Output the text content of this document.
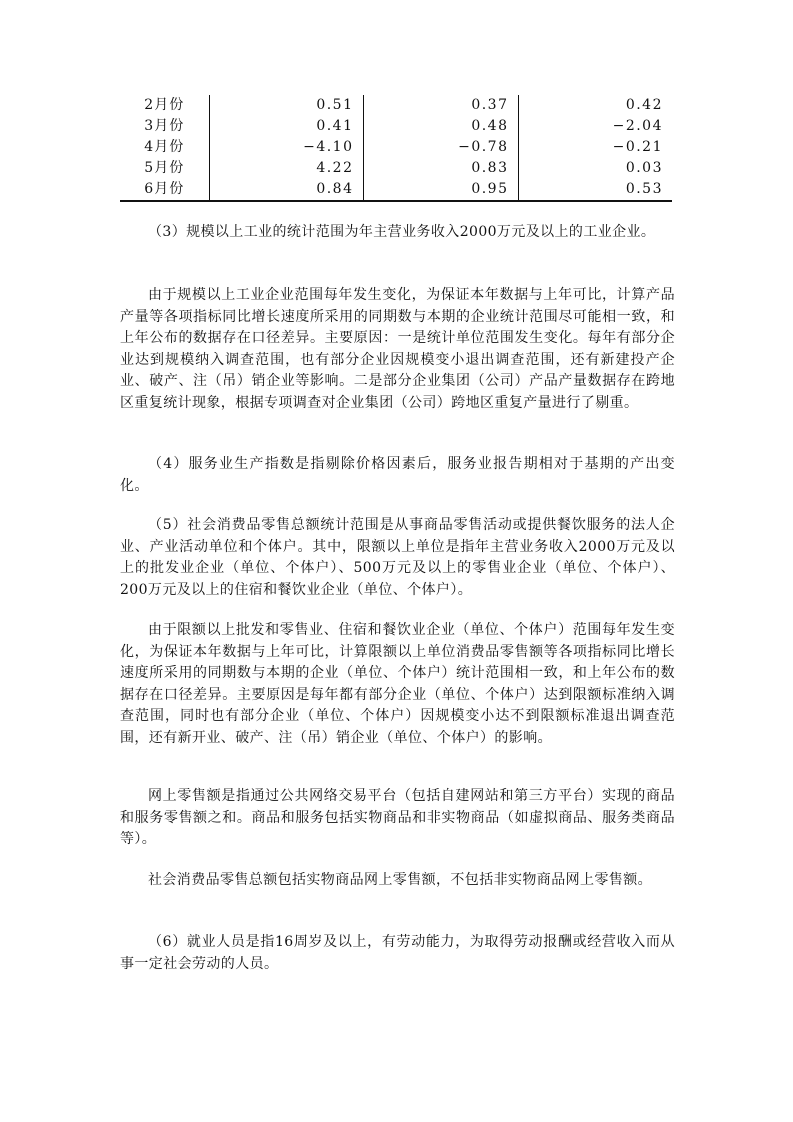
2月份	0.51	0.37	0.42
3月份	0.41	0.48	−2.04
4月份	−4.10	−0.78	−0.21
5月份	4.22	0.83	0.03
6月份	0.84	0.95	0.53

（3）规模以上工业的统计范围为年主营业务收入2000万元及以上的工业企业。

由于规模以上工业企业范围每年发生变化，为保证本年数据与上年可比，计算产品产量等各项指标同比增长速度所采用的同期数与本期的企业统计范围尽可能相一致，和上年公布的数据存在口径差异。主要原因：一是统计单位范围发生变化。每年有部分企业达到规模纳入调查范围，也有部分企业因规模变小退出调查范围，还有新建投产企业、破产、注（吊）销企业等影响。二是部分企业集团（公司）产品产量数据存在跨地区重复统计现象，根据专项调查对企业集团（公司）跨地区重复产量进行了剔重。

（4）服务业生产指数是指剔除价格因素后，服务业报告期相对于基期的产出变化。

（5）社会消费品零售总额统计范围是从事商品零售活动或提供餐饮服务的法人企业、产业活动单位和个体户。其中，限额以上单位是指年主营业务收入2000万元及以上的批发业企业（单位、个体户）、500万元及以上的零售业企业（单位、个体户）、200万元及以上的住宿和餐饮业企业（单位、个体户）。

由于限额以上批发和零售业、住宿和餐饮业企业（单位、个体户）范围每年发生变化，为保证本年数据与上年可比，计算限额以上单位消费品零售额等各项指标同比增长速度所采用的同期数与本期的企业（单位、个体户）统计范围相一致，和上年公布的数据存在口径差异。主要原因是每年都有部分企业（单位、个体户）达到限额标准纳入调查范围，同时也有部分企业（单位、个体户）因规模变小达不到限额标准退出调查范围，还有新开业、破产、注（吊）销企业（单位、个体户）的影响。

网上零售额是指通过公共网络交易平台（包括自建网站和第三方平台）实现的商品和服务零售额之和。商品和服务包括实物商品和非实物商品（如虚拟商品、服务类商品等）。

社会消费品零售总额包括实物商品网上零售额，不包括非实物商品网上零售额。

（6）就业人员是指16周岁及以上，有劳动能力，为取得劳动报酬或经营收入而从事一定社会劳动的人员。
